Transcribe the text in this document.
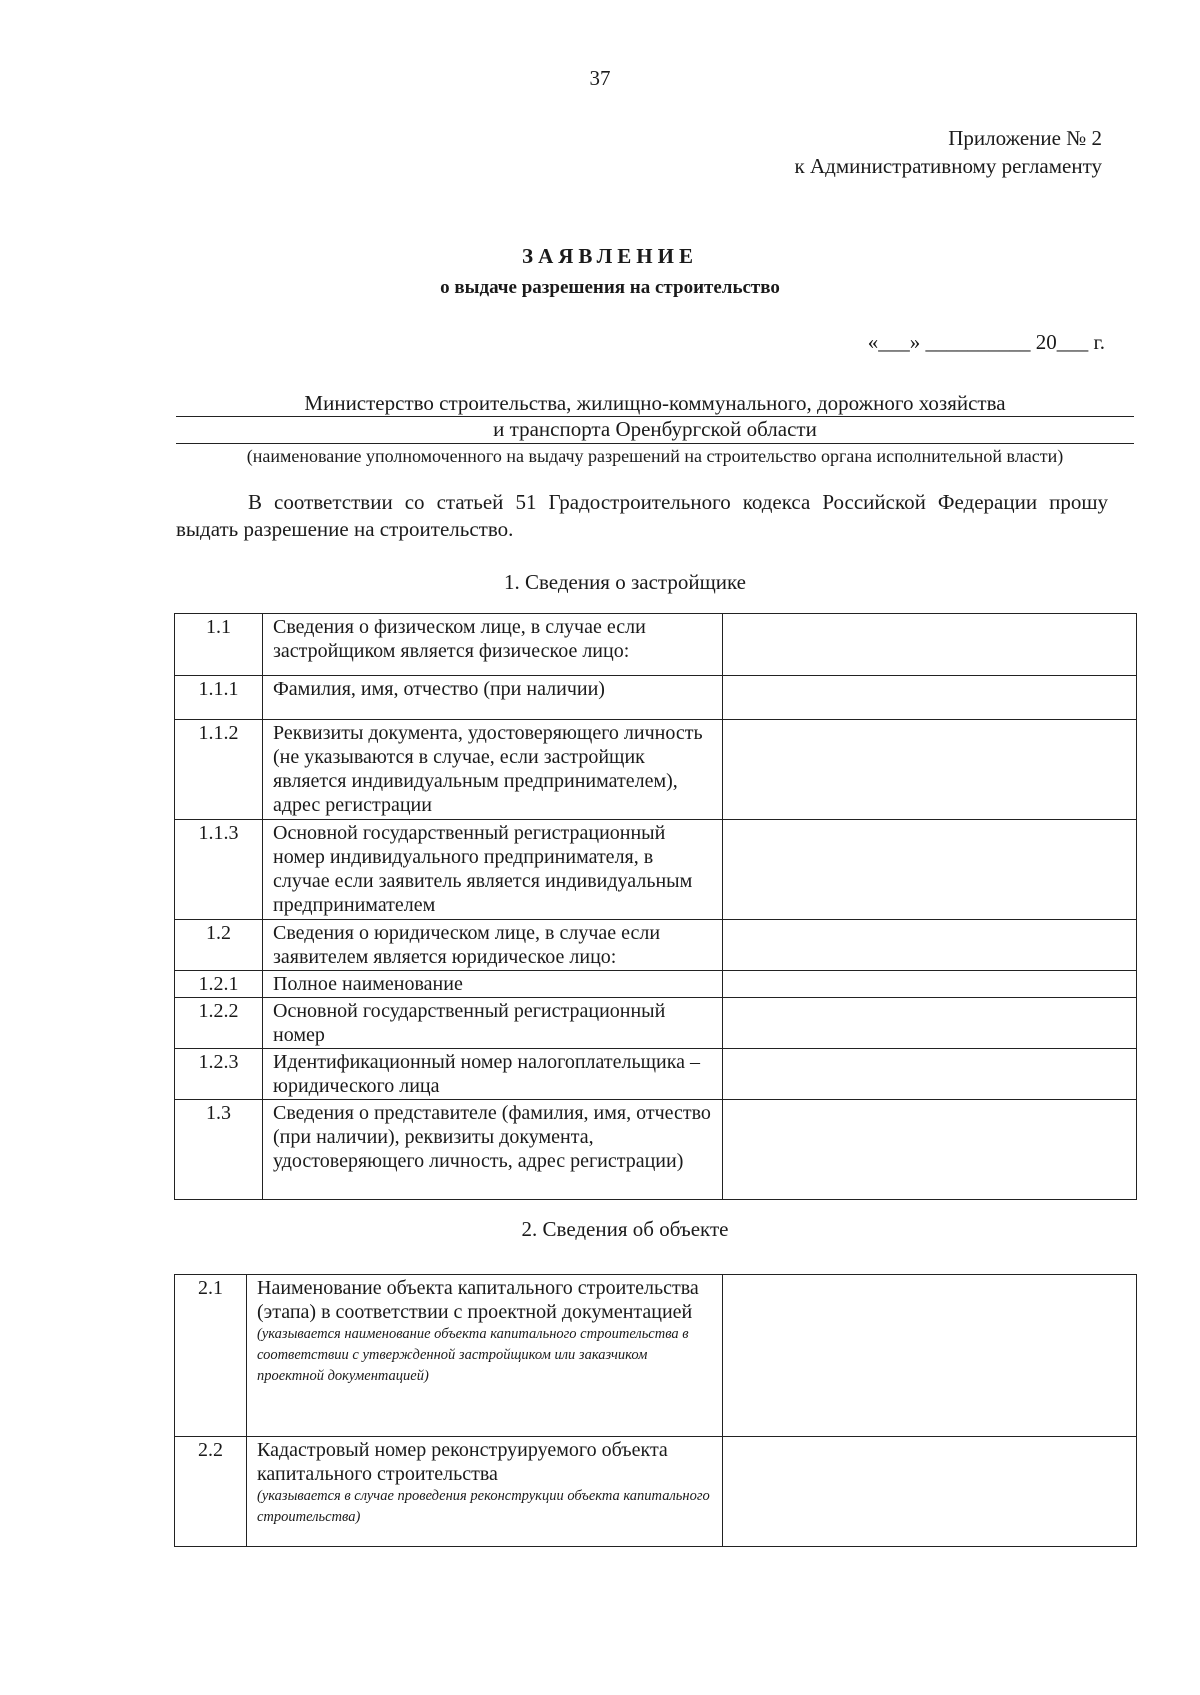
37
Приложение № 2
к Административному регламенту
ЗАЯВЛЕНИЕ
о выдаче разрешения на строительство
«___» __________ 20___ г.
Министерство строительства, жилищно-коммунального, дорожного хозяйства
и транспорта Оренбургской области
(наименование уполномоченного на выдачу разрешений на строительство органа исполнительной власти)
В соответствии со статьей 51 Градостроительного кодекса Российской Федерации прошу выдать разрешение на строительство.
1. Сведения о застройщике
1.1	Сведения о физическом лице, в случае если застройщиком является физическое лицо:	
1.1.1	Фамилия, имя, отчество (при наличии)	
1.1.2	Реквизиты документа, удостоверяющего личность (не указываются в случае, если застройщик является индивидуальным предпринимателем), адрес регистрации	
1.1.3	Основной государственный регистрационный номер индивидуального предпринимателя, в случае если заявитель является индивидуальным предпринимателем	
1.2	Сведения о юридическом лице, в случае если заявителем является юридическое лицо:	
1.2.1	Полное наименование	
1.2.2	Основной государственный регистрационный номер	
1.2.3	Идентификационный номер налогоплательщика – юридического лица	
1.3	Сведения о представителе (фамилия, имя, отчество (при наличии), реквизиты документа, удостоверяющего личность, адрес регистрации)	
2. Сведения об объекте
2.1	Наименование объекта капитального строительства (этапа) в соответствии с проектной документацией
(указывается наименование объекта капитального строительства в соответствии с утвержденной застройщиком или заказчиком проектной документацией)	

2.2	Кадастровый номер реконструируемого объекта капитального строительства
(указывается в случае проведения реконструкции объекта капитального строительства)	
